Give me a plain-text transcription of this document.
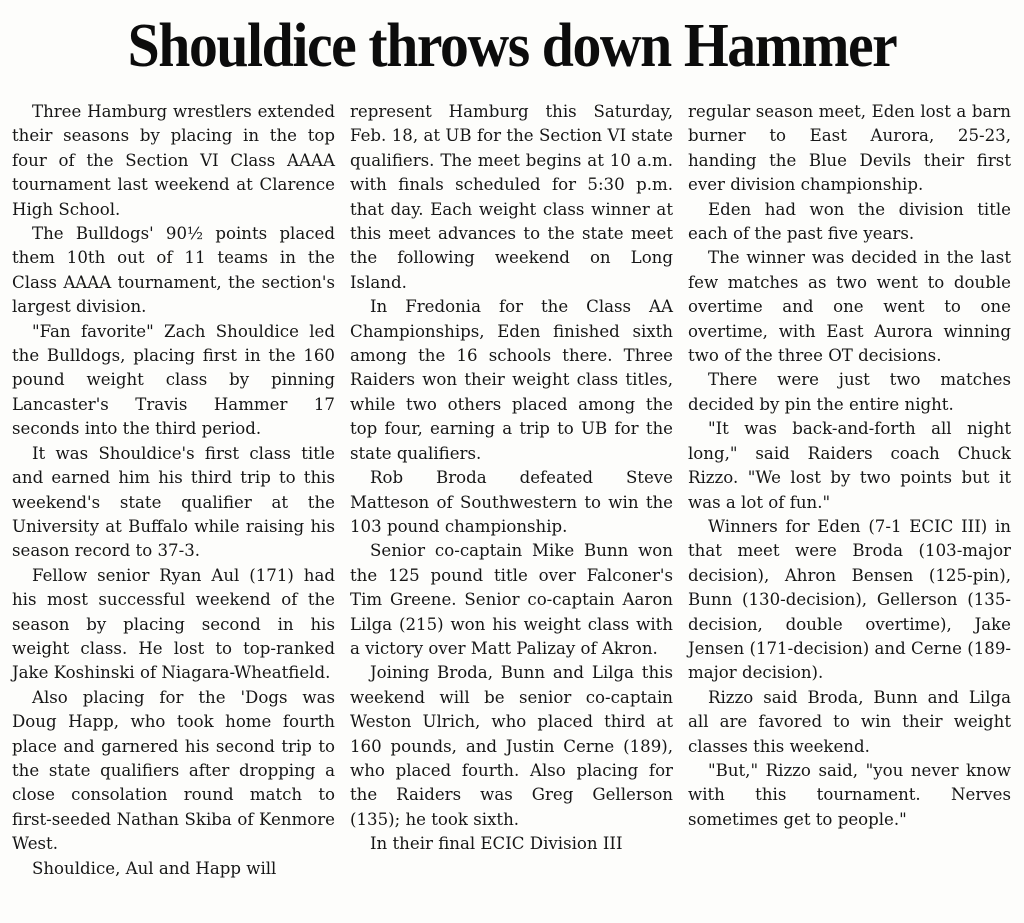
Shouldice throws down Hammer

Three Hamburg wrestlers extended their seasons by placing in the top four of the Section VI Class AAAA tournament last weekend at Clarence High School.

The Bulldogs' 90½ points placed them 10th out of 11 teams in the Class AAAA tournament, the section's largest division.

"Fan favorite" Zach Shouldice led the Bulldogs, placing first in the 160 pound weight class by pinning Lancaster's Travis Hammer 17 seconds into the third period.

It was Shouldice's first class title and earned him his third trip to this weekend's state qualifier at the University at Buffalo while raising his season record to 37-3.

Fellow senior Ryan Aul (171) had his most successful weekend of the season by placing second in his weight class. He lost to top-ranked Jake Koshinski of Niagara-Wheatfield.

Also placing for the 'Dogs was Doug Happ, who took home fourth place and garnered his second trip to the state qualifiers after dropping a close consolation round match to first-seeded Nathan Skiba of Kenmore West.

Shouldice, Aul and Happ will

represent Hamburg this Saturday, Feb. 18, at UB for the Section VI state qualifiers. The meet begins at 10 a.m. with finals scheduled for 5:30 p.m. that day. Each weight class winner at this meet advances to the state meet the following weekend on Long Island.

In Fredonia for the Class AA Championships, Eden finished sixth among the 16 schools there. Three Raiders won their weight class titles, while two others placed among the top four, earning a trip to UB for the state qualifiers.

Rob Broda defeated Steve Matteson of Southwestern to win the 103 pound championship.

Senior co-captain Mike Bunn won the 125 pound title over Falconer's Tim Greene. Senior co-captain Aaron Lilga (215) won his weight class with a victory over Matt Palizay of Akron.

Joining Broda, Bunn and Lilga this weekend will be senior co-captain Weston Ulrich, who placed third at 160 pounds, and Justin Cerne (189), who placed fourth. Also placing for the Raiders was Greg Gellerson (135); he took sixth.

In their final ECIC Division III

regular season meet, Eden lost a barn burner to East Aurora, 25-23, handing the Blue Devils their first ever division championship.

Eden had won the division title each of the past five years.

The winner was decided in the last few matches as two went to double overtime and one went to one overtime, with East Aurora winning two of the three OT decisions.

There were just two matches decided by pin the entire night.

"It was back-and-forth all night long," said Raiders coach Chuck Rizzo. "We lost by two points but it was a lot of fun."

Winners for Eden (7-1 ECIC III) in that meet were Broda (103-major decision), Ahron Bensen (125-pin), Bunn (130-decision), Gellerson (135-decision, double overtime), Jake Jensen (171-decision) and Cerne (189-major decision).

Rizzo said Broda, Bunn and Lilga all are favored to win their weight classes this weekend.

"But," Rizzo said, "you never know with this tournament. Nerves sometimes get to people."
